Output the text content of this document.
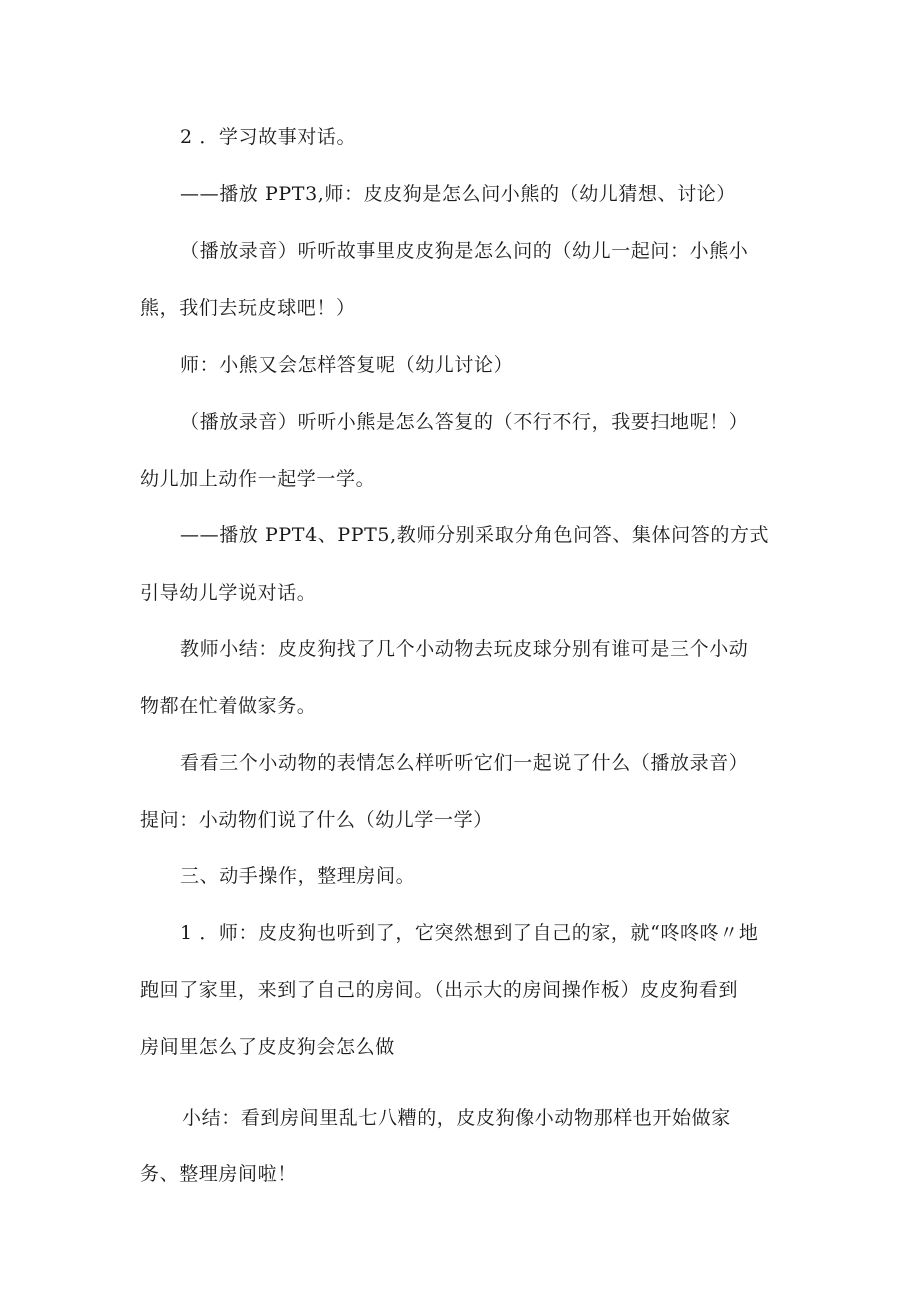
2 ．学习故事对话。

——播放 PPT3,师：皮皮狗是怎么问小熊的（幼儿猜想、讨论）

（播放录音）听听故事里皮皮狗是怎么问的（幼儿一起问：小熊小

熊，我们去玩皮球吧！）

师：小熊又会怎样答复呢（幼儿讨论）

（播放录音）听听小熊是怎么答复的（不行不行，我要扫地呢！）

幼儿加上动作一起学一学。

——播放 PPT4、PPT5,教师分别采取分角色问答、集体问答的方式

引导幼儿学说对话。

教师小结：皮皮狗找了几个小动物去玩皮球分别有谁可是三个小动

物都在忙着做家务。

看看三个小动物的表情怎么样听听它们一起说了什么（播放录音）

提问：小动物们说了什么（幼儿学一学）

三、动手操作，整理房间。

1 ．师：皮皮狗也听到了，它突然想到了自己的家，就“咚咚咚〃地

跑回了家里，来到了自己的房间。（出示大的房间操作板）皮皮狗看到

房间里怎么了皮皮狗会怎么做

小结：看到房间里乱七八糟的，皮皮狗像小动物那样也开始做家

务、整理房间啦！
